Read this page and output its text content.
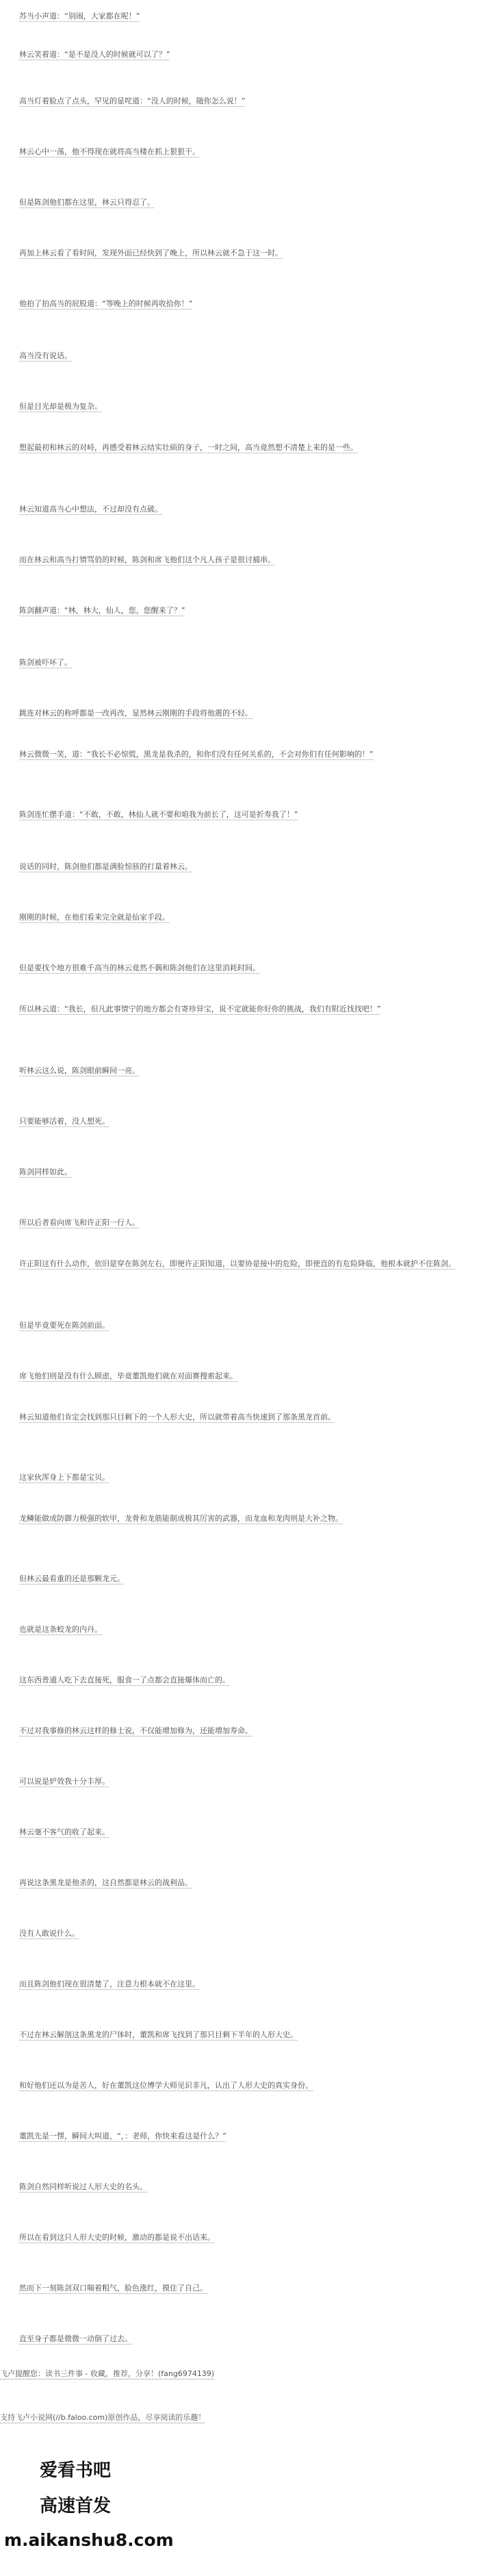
苏当小声道：“别闹，大家都在呢！”

林云笑着道：“是不是没人的时候就可以了？”

高当灯着脸点了点头，罕见的显咤道：“没人的时候，随你怎么说！”

林云心中一荡，他不得现在就将高当楼在抓上狠狠干。

但是陈剑他们都在这里，林云只得忍了。

再加上林云看了看时间，发现外面已经快到了晚上，所以林云就不急于这一时。

他拍了拍高当的屁股道：“等晚上的时候再收拾你！”

高当没有说话。

但是目光却是极为复杂。

想起最初和林云的对峙，再感受着林云结实壮硕的身子，一时之间，高当竟然想不清楚上来的是一些。

林云知道高当心中想法，不过却没有点破。

而在林云和高当打情骂俏的时候，陈剑和席飞他们这个凡人孩子是很讨捕串。

陈剑翻声道：“林，林大，仙人，您，您醒来了？”

陈剑被吓坏了。

跳连对林云的称呼都是一改再改，显然林云刚刚的手段将他震的不轻。

林云微微一笑，道：“我长不必惊慌，黑龙是我杀的，和你们没有任何关系的，不会对你们有任何影响的！”

陈剑连忙摆手道：“不敢，不敢，林仙人就不要和咱我为前长了，这可是折寿我了！”

说话的同时，陈剑他们都是满脸惊骇的打量着林云。

刚刚的时候，在他们看来完全就是仙家手段。

但是要找个地方很难千高当的林云竟然不偶和陈剑他们在这里消耗时间。

所以林云道：“我长，但凡此事情宁的地方都会有寄珍异宝，说不定就能你好你的挑战，我们有附近找找吧！”

听林云这么说，陈剑眼前瞬间一亮。

只要能够活着，没人想死。

陈剑同样如此。

所以后者看向席飞和许正阳一行人。

许正阳这有什么动作，依旧是穿在陈剑左右，即便许正阳知道，以要协是接中的危险，即使直的有危险降临，他根本就护不住陈剑。

但是毕竟要死在陈剑前面。

席飞他们则是没有什么顾虑，毕竟董凯他们就在对面赛搜索起来。

林云知道他们肯定会找到那只目剩下的一个人形大史，所以就带着高当快速到了那条黑龙首前。

这家伙浑身上下都是宝贝。

龙鳞能做成防御力极强的软甲，龙骨和龙筋能制成极其厉害的武器，而龙血和龙肉则是大补之物。

但林云最看重的还是那颗龙元。

也就是这条蛟龙的内丹。

这东西普通人吃下去直接死，服食一了点都会直接爆体而亡的。

不过对我事修的林云这样的修士说，不仅能增加修为，还能增加寿命。

可以说是炉效我十分丰厚。

林云毫不客气的收了起来。

再说这条黑龙是他杀的，这自然都是林云的战利品。

没有人敢说什么。

而且陈剑他们现在很清楚了，注意力根本就不在这里。

不过在林云解剖这条黑龙的尸体时，董凯和席飞找到了那只目剩下半年的人形大史。

和好他们还以为是苦人，好在董凯这位博学大师见识非凡，认出了人形大史的真实身份。

董凯先是一愣，瞬间大叫道，“，：老师，你快来看这是什么？”

陈剑自然同样听说过人形大史的名头。

所以在看到这只人形大史的时候，激动的都是说不出话来。

然而下一刻陈剑双口喘着粗气，脸色涨红，摸住了自己。

直至身子都是微微一动倒了过去。

飞卢提醒您：读书三件事 - 收藏，推荐，分享！(fang6974139)
支持飞卢小说网(//b.faloo.com)原创作品，尽享阅读的乐趣！
爱看书吧
高速首发
m.aikanshu8.com
